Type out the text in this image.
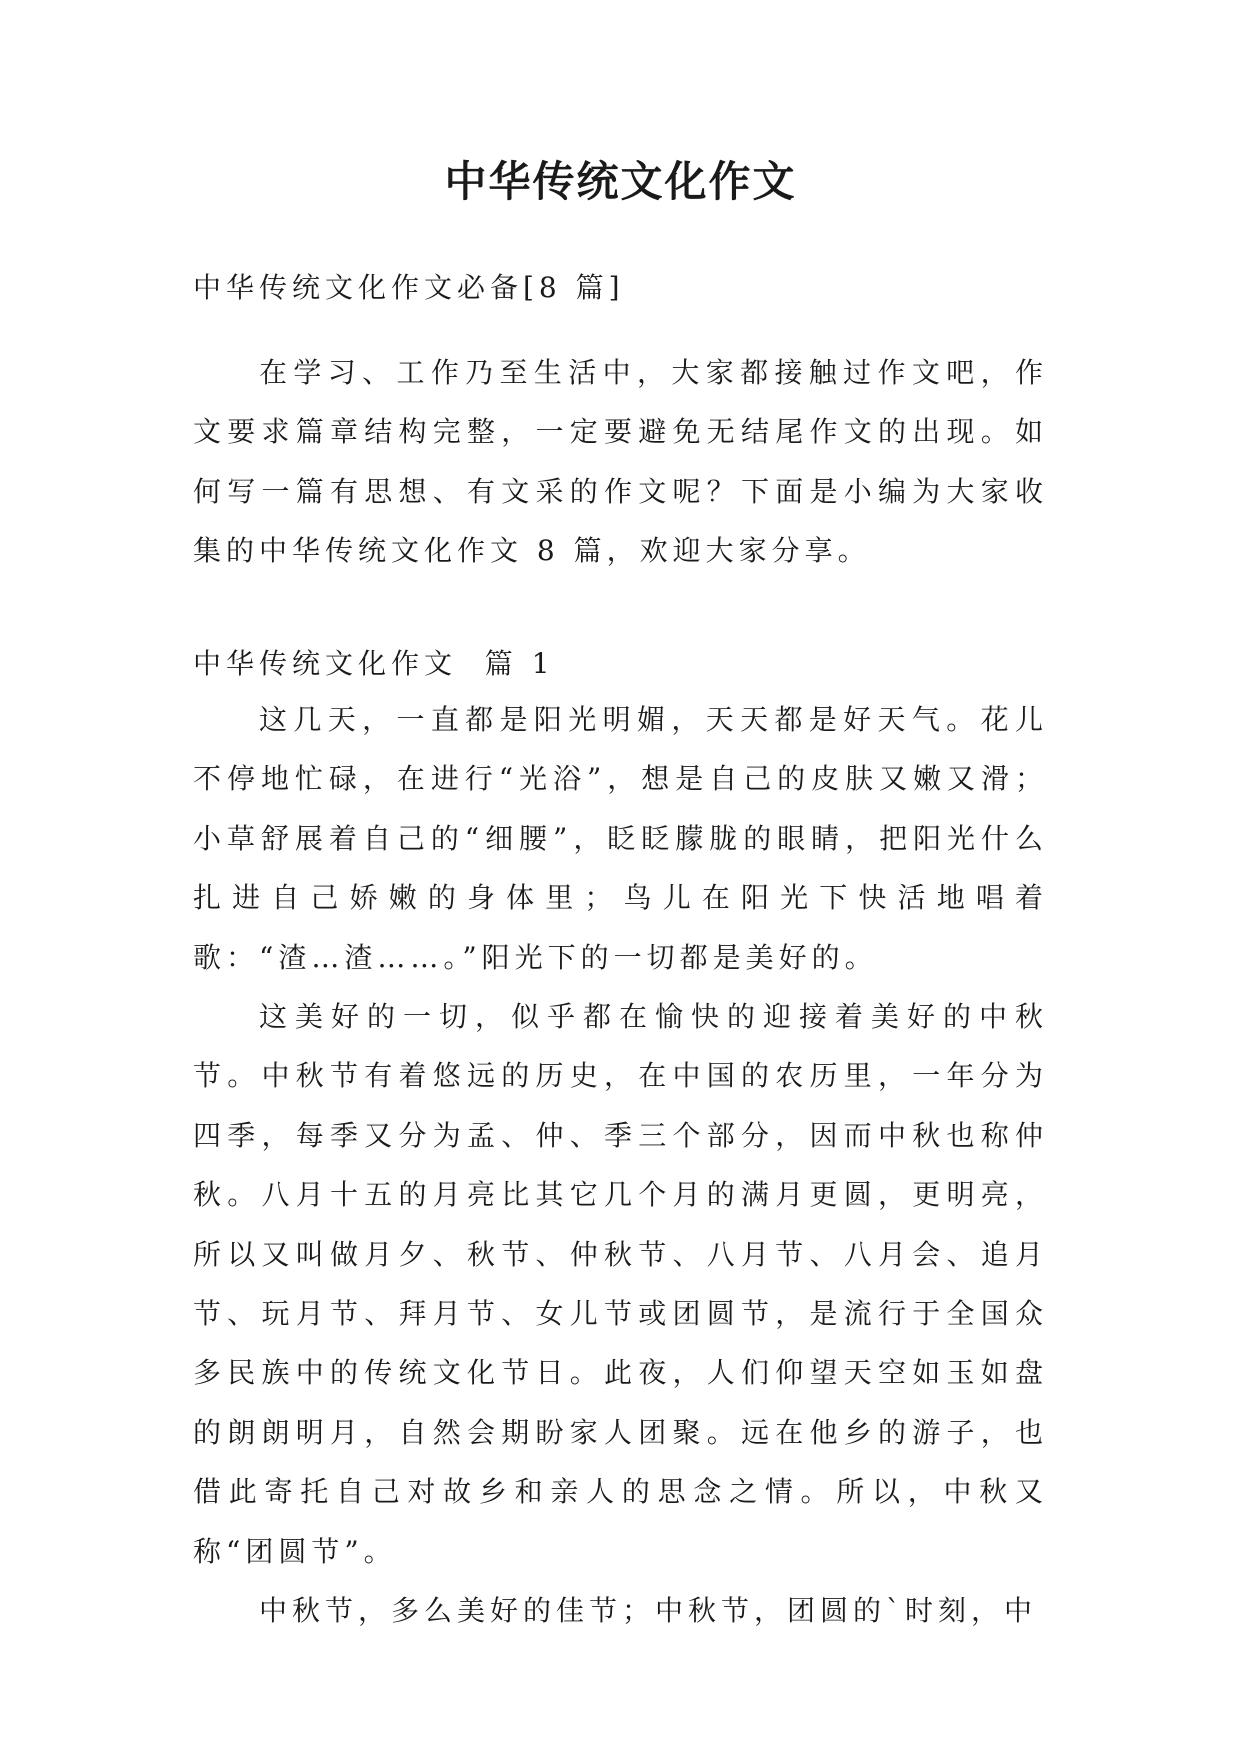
中华传统文化作文

中华传统文化作文必备[8 篇]

在学习、工作乃至生活中，大家都接触过作文吧，作文要求篇章结构完整，一定要避免无结尾作文的出现。如何写一篇有思想、有文采的作文呢？下面是小编为大家收集的中华传统文化作文 8 篇，欢迎大家分享。

中华传统文化作文  篇 1

这几天，一直都是阳光明媚，天天都是好天气。花儿不停地忙碌，在进行“光浴”，想是自己的皮肤又嫩又滑；小草舒展着自己的“细腰”，眨眨朦胧的眼睛，把阳光什么扎进自己娇嫩的身体里；鸟儿在阳光下快活地唱着歌：“渣…渣……。”阳光下的一切都是美好的。

这美好的一切，似乎都在愉快的迎接着美好的中秋节。中秋节有着悠远的历史，在中国的农历里，一年分为四季，每季又分为孟、仲、季三个部分，因而中秋也称仲秋。八月十五的月亮比其它几个月的满月更圆，更明亮，所以又叫做月夕、秋节、仲秋节、八月节、八月会、追月节、玩月节、拜月节、女儿节或团圆节，是流行于全国众多民族中的传统文化节日。此夜，人们仰望天空如玉如盘的朗朗明月，自然会期盼家人团聚。远在他乡的游子，也借此寄托自己对故乡和亲人的思念之情。所以，中秋又称“团圆节”。

中秋节，多么美好的佳节；中秋节，团圆的`时刻，中
